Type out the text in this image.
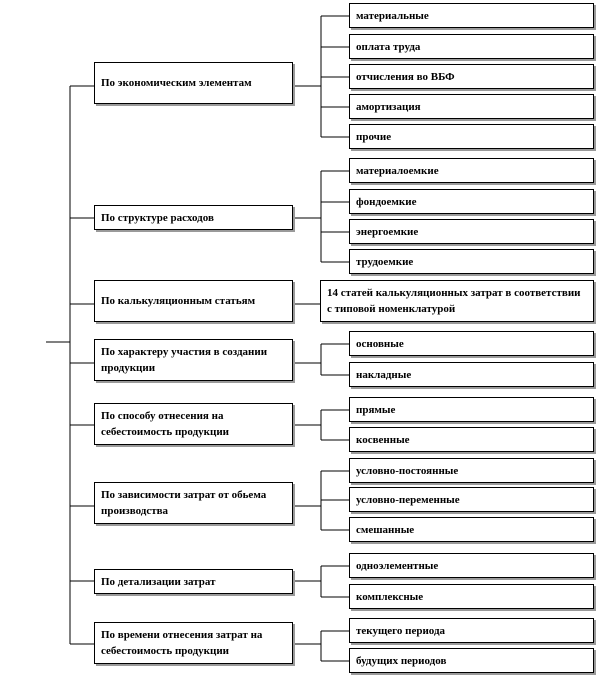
По экономическим элементам
По структуре расходов
По калькуляционным статьям
По характеру участия в создании продукции
По способу отнесения на себестоимость продукции
По зависимости затрат от обьема производства
По детализации затрат
По времени отнесения затрат на себестоимость продукции
материальные
оплата труда
отчисления во ВБФ
амортизация
прочие
материалоемкие
фондоемкие
энергоемкие
трудоемкие
14 статей калькуляционных затрат в соответствии с типовой номенклатурой
основные
накладные
прямые
косвенные
условно-постоянные
условно-переменные
смешанные
одноэлементные
комплексные
текущего периода
будущих периодов
